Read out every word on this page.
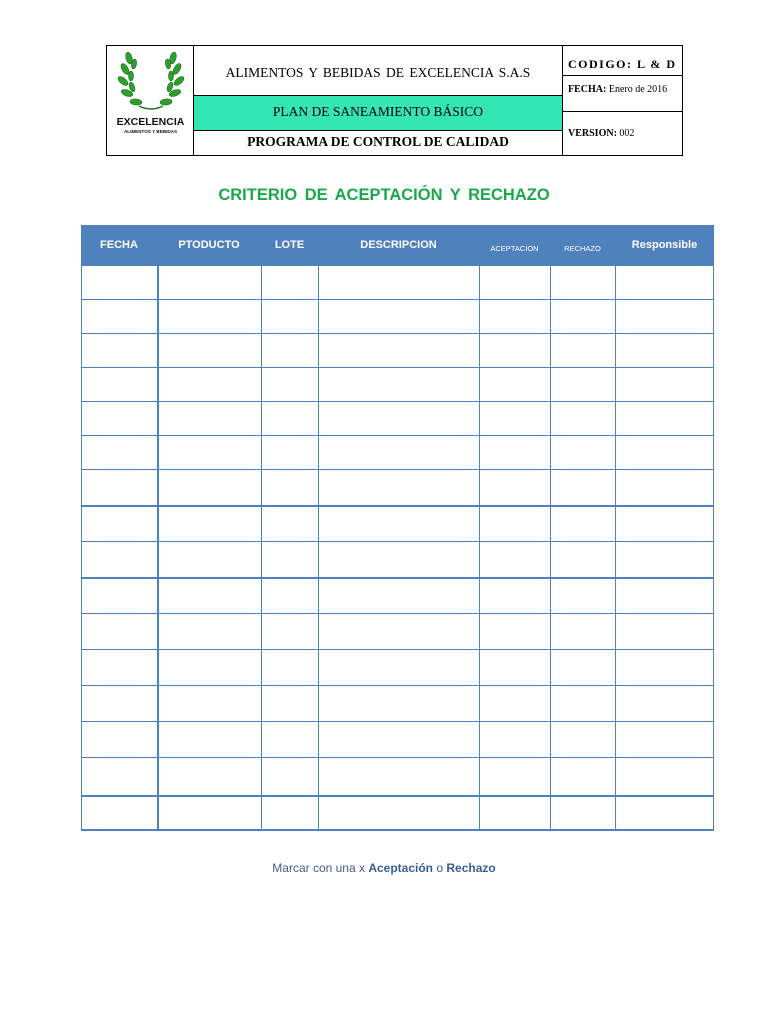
EXCELENCIA
ALIMENTOS Y BEBIDAS
ALIMENTOS Y BEBIDAS DE EXCELENCIA S.A.S
PLAN DE SANEAMIENTO BÁSICO
PROGRAMA DE CONTROL DE CALIDAD
CODIGO: L & D
FECHA: Enero de 2016
VERSION: 002
CRITERIO DE ACEPTACIÓN Y RECHAZO
FECHA	PTODUCTO	LOTE	DESCRIPCION	ACEPTACION	RECHAZO	Responsible
Marcar con una x Aceptación o Rechazo
